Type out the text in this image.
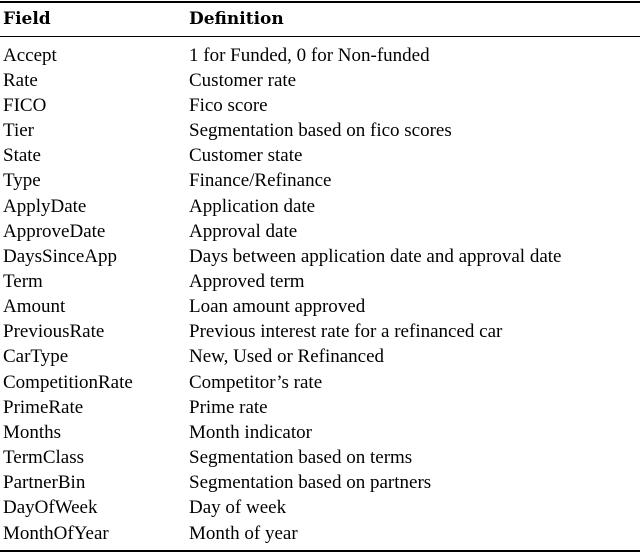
Field	Definition
Accept	1 for Funded, 0 for Non-funded
Rate	Customer rate
FICO	Fico score
Tier	Segmentation based on fico scores
State	Customer state
Type	Finance/Refinance
ApplyDate	Application date
ApproveDate	Approval date
DaysSinceApp	Days between application date and approval date
Term	Approved term
Amount	Loan amount approved
PreviousRate	Previous interest rate for a refinanced car
CarType	New, Used or Refinanced
CompetitionRate	Competitor’s rate
PrimeRate	Prime rate
Months	Month indicator
TermClass	Segmentation based on terms
PartnerBin	Segmentation based on partners
DayOfWeek	Day of week
MonthOfYear	Month of year
